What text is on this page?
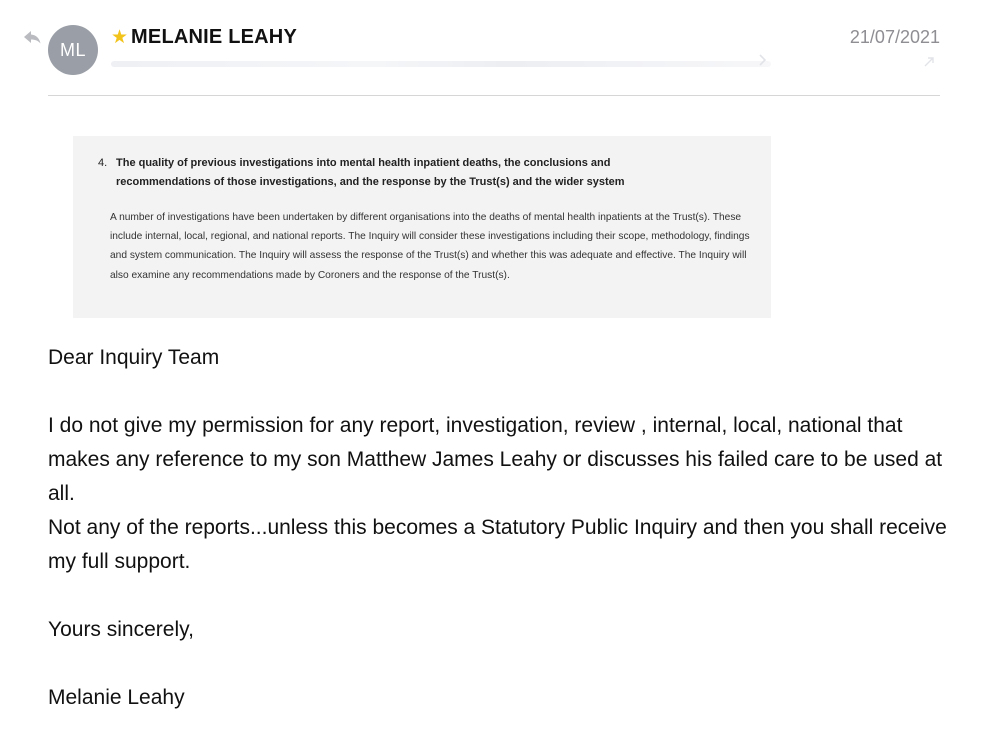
ML
★ MELANIE LEAHY	21/07/2021
4. The quality of previous investigations into mental health inpatient deaths, the conclusions and recommendations of those investigations, and the response by the Trust(s) and the wider system
A number of investigations have been undertaken by different organisations into the deaths of mental health inpatients at the Trust(s). These include internal, local, regional, and national reports. The Inquiry will consider these investigations including their scope, methodology, findings and system communication. The Inquiry will assess the response of the Trust(s) and whether this was adequate and effective. The Inquiry will also examine any recommendations made by Coroners and the response of the Trust(s).

Dear Inquiry Team

I do not give my permission for any report, investigation, review , internal, local, national that makes any reference to my son Matthew James Leahy or discusses his failed care to be used at all.

Not any of the reports...unless this becomes a Statutory Public Inquiry and then you shall receive my full support.

Yours sincerely,

Melanie Leahy
